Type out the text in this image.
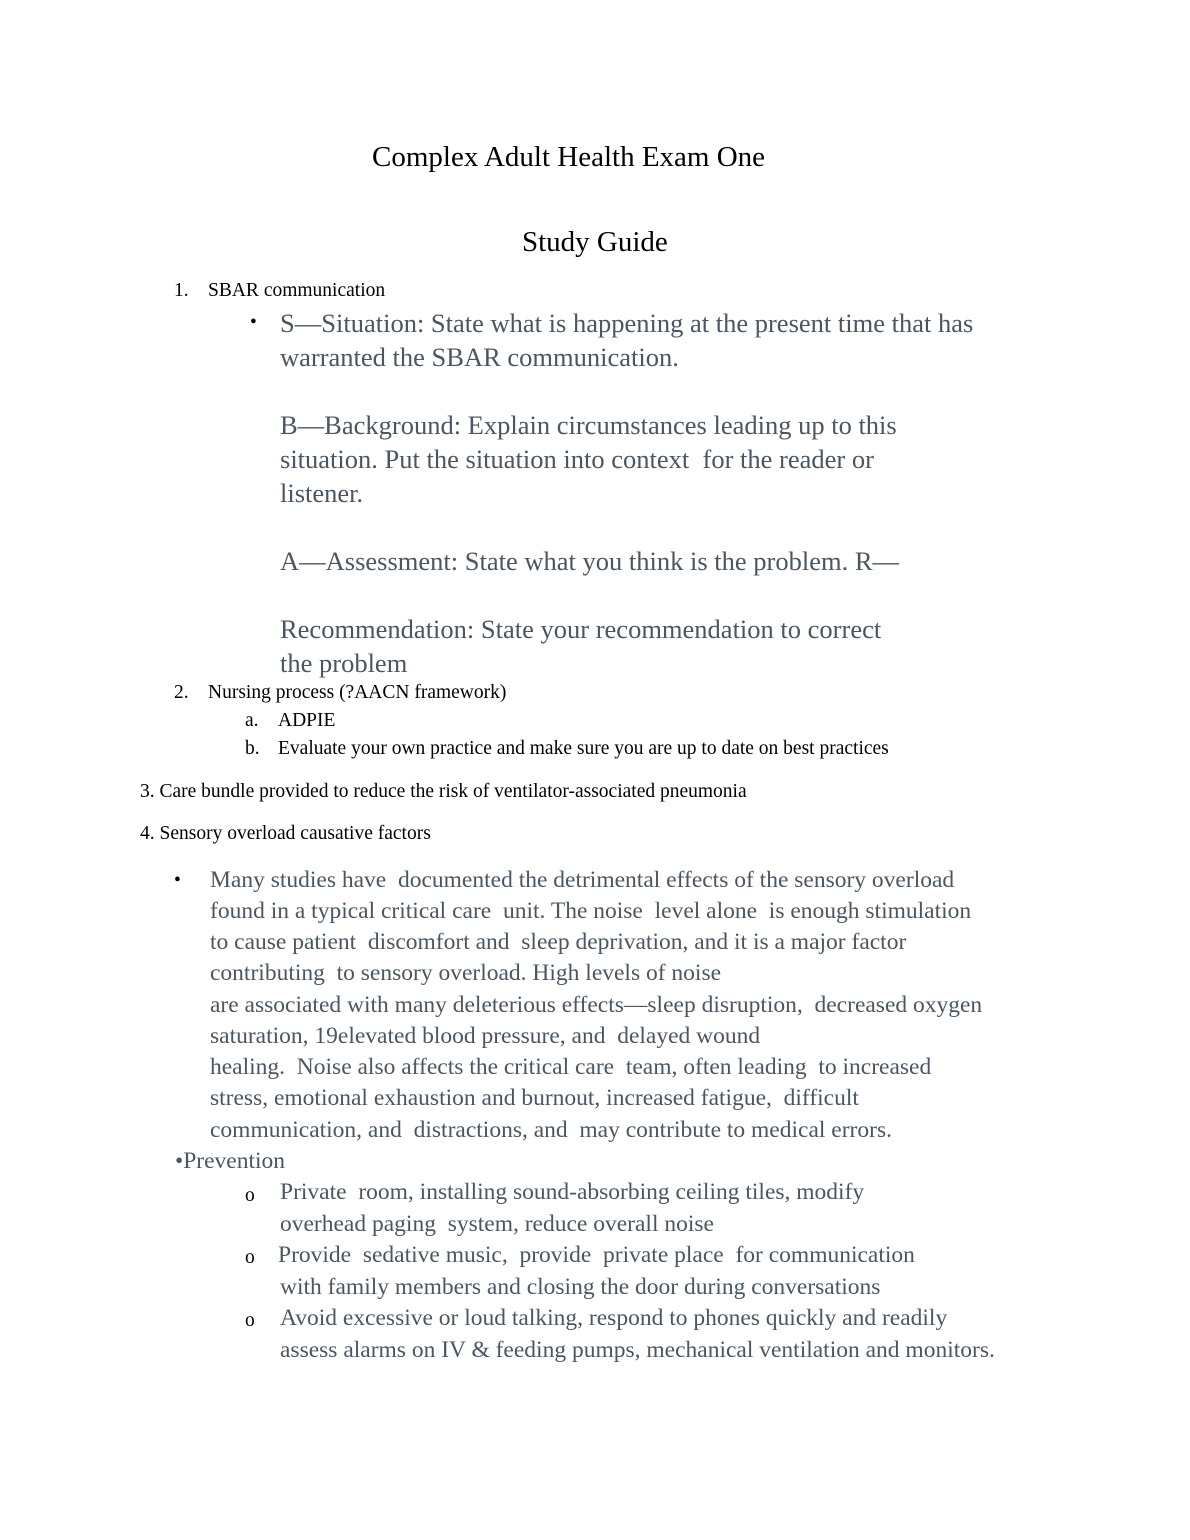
Complex Adult Health Exam One
Study Guide
1. SBAR communication
• S—Situation: State what is happening at the present time that has
warranted the SBAR communication.
B—Background: Explain circumstances leading up to this
situation. Put the situation into context  for the reader or
listener.
A—Assessment: State what you think is the problem. R—
Recommendation: State your recommendation to correct
the problem
2. Nursing process (?AACN framework)
a. ADPIE
b. Evaluate your own practice and make sure you are up to date on best practices
3. Care bundle provided to reduce the risk of ventilator-associated pneumonia
4. Sensory overload causative factors
• Many studies have  documented the detrimental effects of the sensory overload
found in a typical critical care  unit. The noise  level alone  is enough stimulation
to cause patient  discomfort and  sleep deprivation, and it is a major factor
contributing  to sensory overload. High levels of noise
are associated with many deleterious effects—sleep disruption,  decreased oxygen
saturation, 19elevated blood pressure, and  delayed wound
healing.  Noise also affects the critical care  team, often leading  to increased
stress, emotional exhaustion and burnout, increased fatigue,  difficult
communication, and  distractions, and  may contribute to medical errors.
•Prevention
o Private  room, installing sound-absorbing ceiling tiles, modify
overhead paging  system, reduce overall noise
o Provide  sedative music,  provide  private place  for communication
with family members and closing the door during conversations
o Avoid excessive or loud talking, respond to phones quickly and readily
assess alarms on IV & feeding pumps, mechanical ventilation and monitors.
